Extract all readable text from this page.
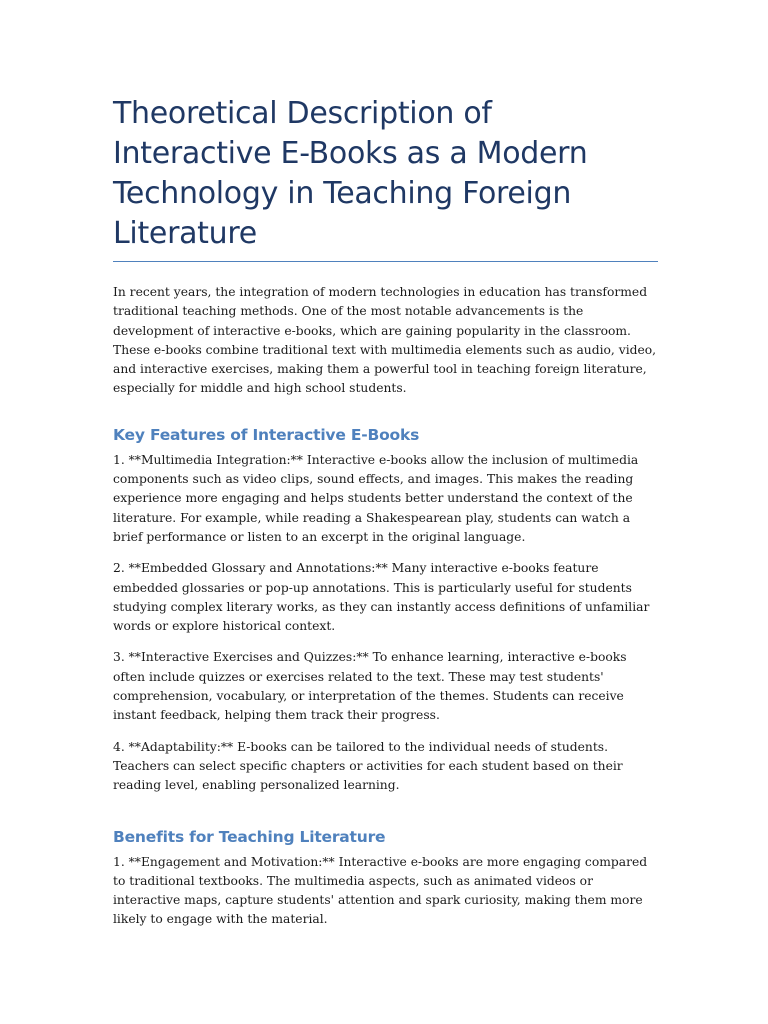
Theoretical Description of Interactive E-Books as a Modern Technology in Teaching Foreign Literature

In recent years, the integration of modern technologies in education has transformed traditional teaching methods. One of the most notable advancements is the development of interactive e-books, which are gaining popularity in the classroom. These e-books combine traditional text with multimedia elements such as audio, video, and interactive exercises, making them a powerful tool in teaching foreign literature, especially for middle and high school students.

Key Features of Interactive E-Books

1. **Multimedia Integration:** Interactive e-books allow the inclusion of multimedia components such as video clips, sound effects, and images. This makes the reading experience more engaging and helps students better understand the context of the literature. For example, while reading a Shakespearean play, students can watch a brief performance or listen to an excerpt in the original language.

2. **Embedded Glossary and Annotations:** Many interactive e-books feature embedded glossaries or pop-up annotations. This is particularly useful for students studying complex literary works, as they can instantly access definitions of unfamiliar words or explore historical context.

3. **Interactive Exercises and Quizzes:** To enhance learning, interactive e-books often include quizzes or exercises related to the text. These may test students' comprehension, vocabulary, or interpretation of the themes. Students can receive instant feedback, helping them track their progress.

4. **Adaptability:** E-books can be tailored to the individual needs of students. Teachers can select specific chapters or activities for each student based on their reading level, enabling personalized learning.

Benefits for Teaching Literature

1. **Engagement and Motivation:** Interactive e-books are more engaging compared to traditional textbooks. The multimedia aspects, such as animated videos or interactive maps, capture students' attention and spark curiosity, making them more likely to engage with the material.
